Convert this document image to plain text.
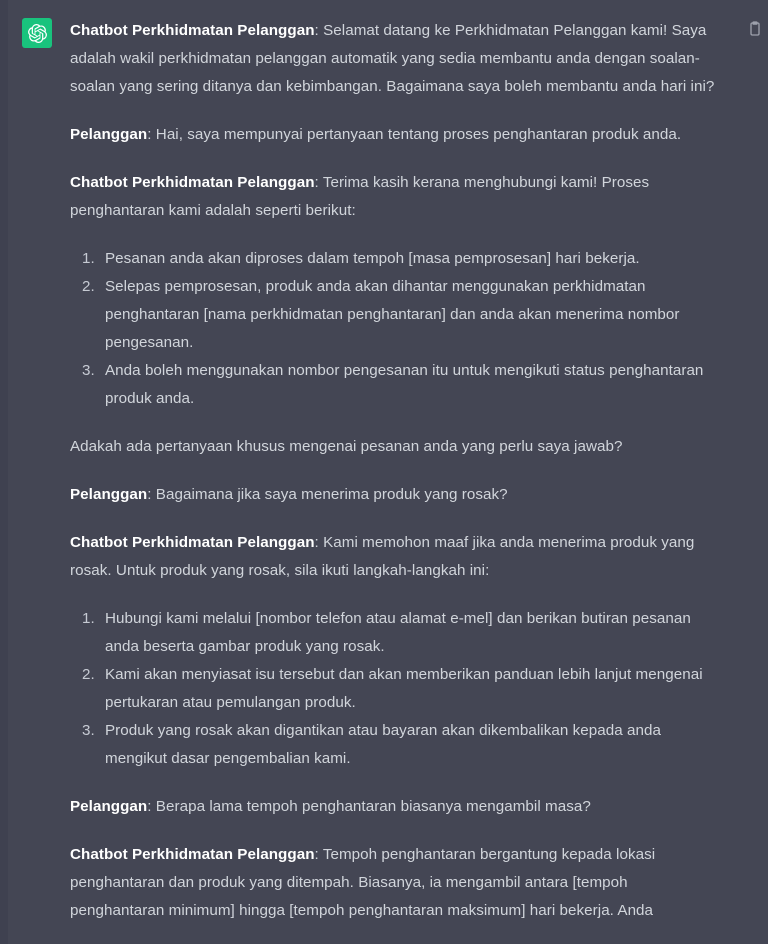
Chatbot Perkhidmatan Pelanggan: Selamat datang ke Perkhidmatan Pelanggan kami! Saya adalah wakil perkhidmatan pelanggan automatik yang sedia membantu anda dengan soalan-soalan yang sering ditanya dan kebimbangan. Bagaimana saya boleh membantu anda hari ini?

Pelanggan: Hai, saya mempunyai pertanyaan tentang proses penghantaran produk anda.

Chatbot Perkhidmatan Pelanggan: Terima kasih kerana menghubungi kami! Proses penghantaran kami adalah seperti berikut:

Pesanan anda akan diproses dalam tempoh [masa pemprosesan] hari bekerja.
Selepas pemprosesan, produk anda akan dihantar menggunakan perkhidmatan penghantaran [nama perkhidmatan penghantaran] dan anda akan menerima nombor pengesanan.
Anda boleh menggunakan nombor pengesanan itu untuk mengikuti status penghantaran produk anda.

Adakah ada pertanyaan khusus mengenai pesanan anda yang perlu saya jawab?

Pelanggan: Bagaimana jika saya menerima produk yang rosak?

Chatbot Perkhidmatan Pelanggan: Kami memohon maaf jika anda menerima produk yang rosak. Untuk produk yang rosak, sila ikuti langkah-langkah ini:

Hubungi kami melalui [nombor telefon atau alamat e-mel] dan berikan butiran pesanan anda beserta gambar produk yang rosak.
Kami akan menyiasat isu tersebut dan akan memberikan panduan lebih lanjut mengenai pertukaran atau pemulangan produk.
Produk yang rosak akan digantikan atau bayaran akan dikembalikan kepada anda mengikut dasar pengembalian kami.

Pelanggan: Berapa lama tempoh penghantaran biasanya mengambil masa?

Chatbot Perkhidmatan Pelanggan: Tempoh penghantaran bergantung kepada lokasi penghantaran dan produk yang ditempah. Biasanya, ia mengambil antara [tempoh penghantaran minimum] hingga [tempoh penghantaran maksimum] hari bekerja. Anda
